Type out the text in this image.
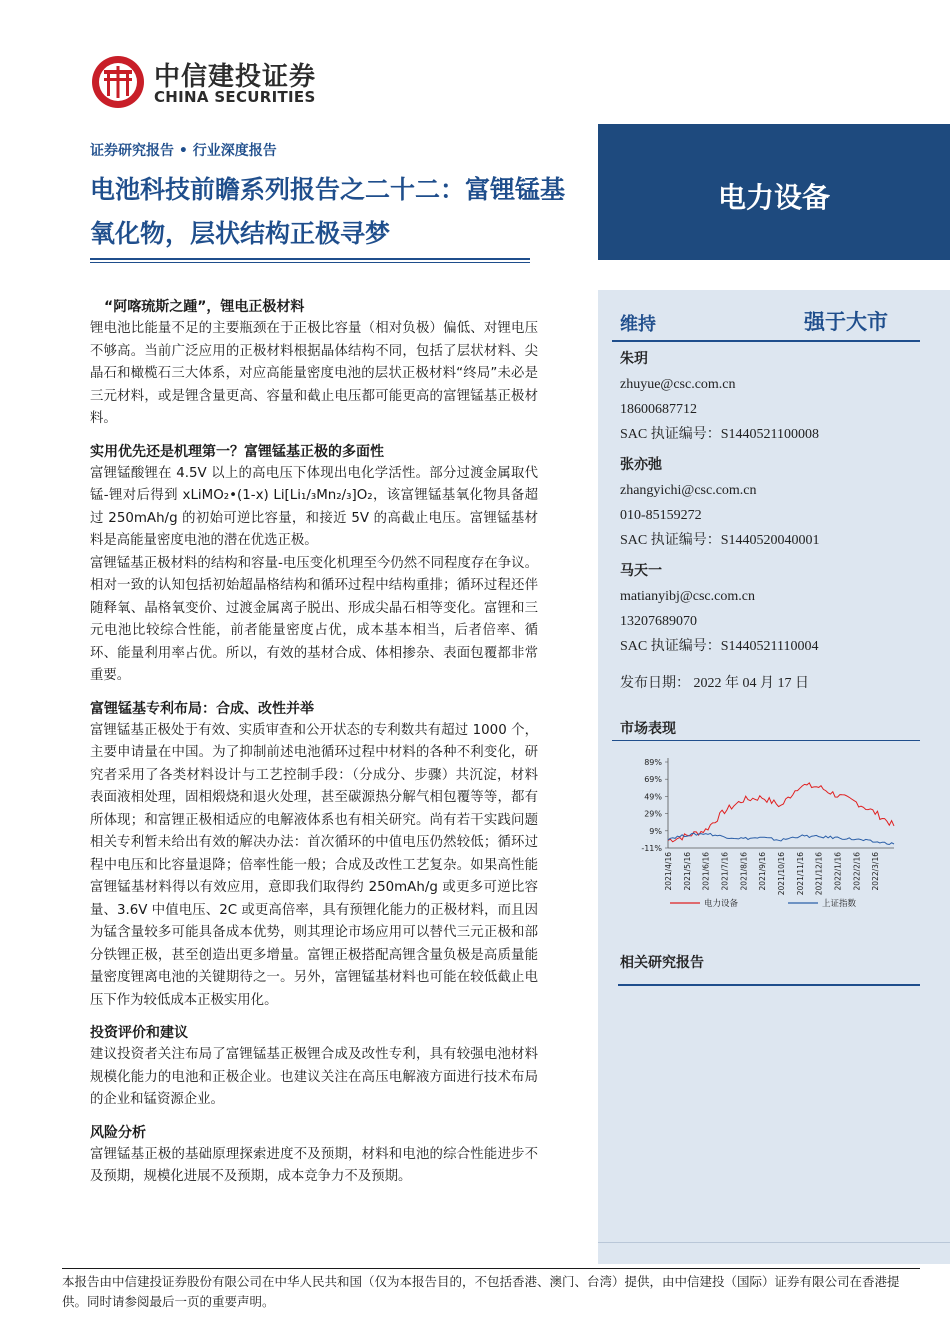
中信建投证券
CHINA SECURITIES
证券研究报告 • 行业深度报告
电池科技前瞻系列报告之二十二：富锂锰基氧化物，层状结构正极寻梦
电力设备
维持	强于大市
朱玥
zhuyue@csc.com.cn
18600687712
SAC 执证编号：S1440521100008
张亦弛
zhangyichi@csc.com.cn
010-85159272
SAC 执证编号：S1440520040001
马天一
matianyibj@csc.com.cn
13207689070
SAC 执证编号：S1440521110004
发布日期： 2022 年 04 月 17 日
市场表现
89%
69%
49%
29%
9%
-11%
2021/4/16 2021/5/16 2021/6/16 2021/7/16 2021/8/16 2021/9/16 2021/10/16 2021/11/16 2021/12/16 2022/1/16 2022/2/16 2022/3/16
电力设备	上证指数
相关研究报告

“阿喀琉斯之踵”，锂电正极材料

锂电池比能量不足的主要瓶颈在于正极比容量（相对负极）偏低、对锂电压不够高。当前广泛应用的正极材料根据晶体结构不同，包括了层状材料、尖晶石和橄榄石三大体系，对应高能量密度电池的层状正极材料“终局”未必是三元材料，或是锂含量更高、容量和截止电压都可能更高的富锂锰基正极材料。

实用优先还是机理第一？富锂锰基正极的多面性

富锂锰酸锂在 4.5V 以上的高电压下体现出电化学活性。部分过渡金属取代锰-锂对后得到 xLiMO₂•(1-x) Li[Li₁/₃Mn₂/₃]O₂，该富锂锰基氧化物具备超过 250mAh/g 的初始可逆比容量，和接近 5V 的高截止电压。富锂锰基材料是高能量密度电池的潜在优选正极。

富锂锰基正极材料的结构和容量-电压变化机理至今仍然不同程度存在争议。相对一致的认知包括初始超晶格结构和循环过程中结构重排；循环过程还伴随释氧、晶格氧变价、过渡金属离子脱出、形成尖晶石相等变化。富锂和三元电池比较综合性能，前者能量密度占优，成本基本相当，后者倍率、循环、能量利用率占优。所以，有效的基材合成、体相掺杂、表面包覆都非常重要。

富锂锰基专利布局：合成、改性并举

富锂锰基正极处于有效、实质审查和公开状态的专利数共有超过 1000 个，主要申请量在中国。为了抑制前述电池循环过程中材料的各种不利变化，研究者采用了各类材料设计与工艺控制手段：（分成分、步骤）共沉淀，材料表面液相处理，固相煅烧和退火处理，甚至碳源热分解气相包覆等等，都有所体现；和富锂正极相适应的电解液体系也有相关研究。尚有若干实践问题相关专利暂未给出有效的解决办法：首次循环的中值电压仍然较低；循环过程中电压和比容量退降；倍率性能一般；合成及改性工艺复杂。如果高性能富锂锰基材料得以有效应用，意即我们取得约 250mAh/g 或更多可逆比容量、3.6V 中值电压、2C 或更高倍率，具有预锂化能力的正极材料，而且因为锰含量较多可能具备成本优势，则其理论市场应用可以替代三元正极和部分铁锂正极，甚至创造出更多增量。富锂正极搭配高锂含量负极是高质量能量密度锂离电池的关键期待之一。另外，富锂锰基材料也可能在较低截止电压下作为较低成本正极实用化。

投资评价和建议

建议投资者关注布局了富锂锰基正极锂合成及改性专利，具有较强电池材料规模化能力的电池和正极企业。也建议关注在高压电解液方面进行技术布局的企业和锰资源企业。

风险分析

富锂锰基正极的基础原理探索进度不及预期，材料和电池的综合性能进步不及预期，规模化进展不及预期，成本竞争力不及预期。

本报告由中信建投证券股份有限公司在中华人民共和国（仅为本报告目的，不包括香港、澳门、台湾）提供，由中信建投（国际）证券有限公司在香港提供。同时请参阅最后一页的重要声明。
